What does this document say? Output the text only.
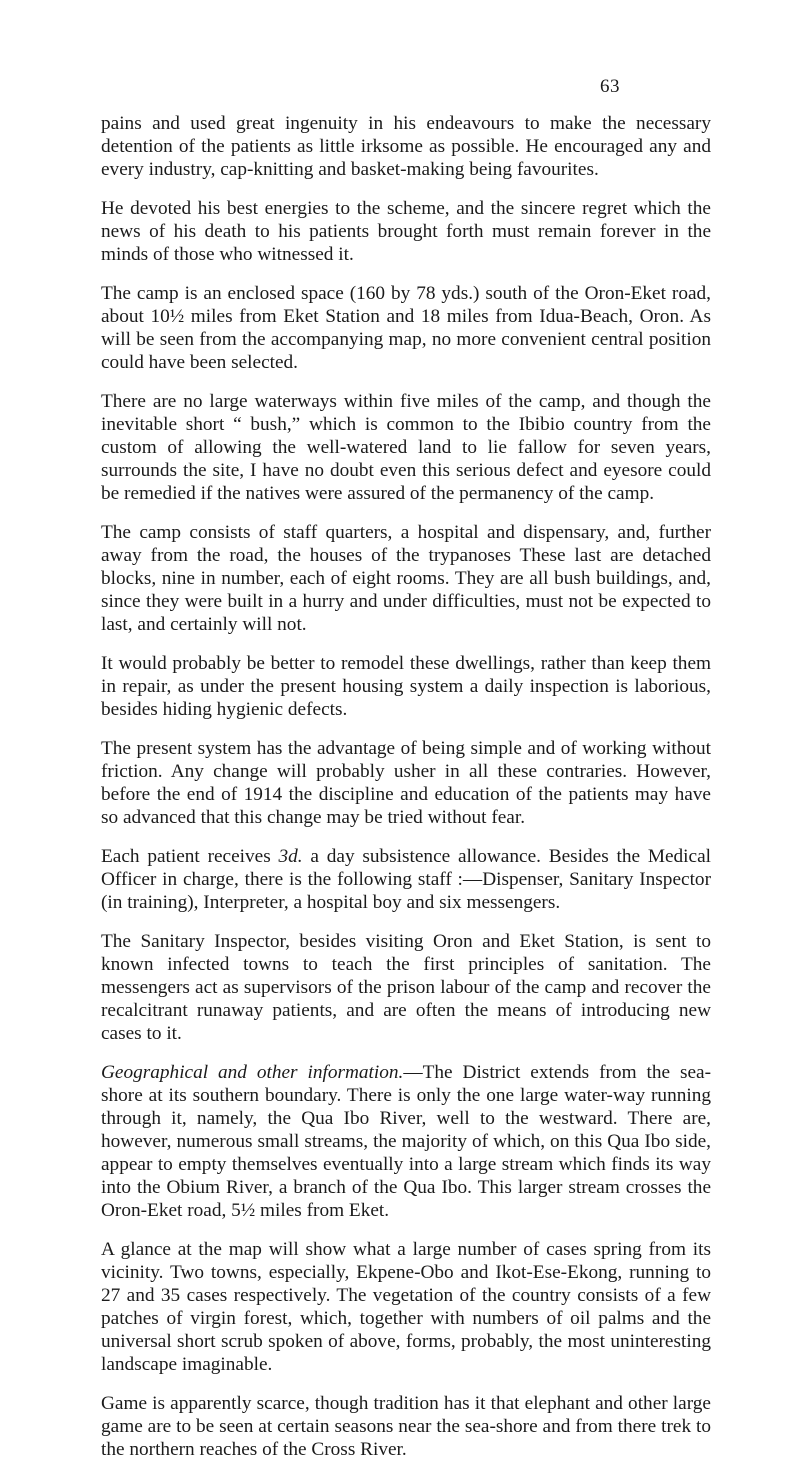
63

pains and used great ingenuity in his endeavours to make the necessary detention of the patients as little irksome as possible. He encouraged any and every industry, cap-knitting and basket-making being favourites.

He devoted his best energies to the scheme, and the sincere regret which the news of his death to his patients brought forth must remain forever in the minds of those who witnessed it.

The camp is an enclosed space (160 by 78 yds.) south of the Oron-Eket road, about 10½ miles from Eket Station and 18 miles from Idua-Beach, Oron. As will be seen from the accompanying map, no more convenient central position could have been selected.

There are no large waterways within five miles of the camp, and though the inevitable short “ bush,” which is common to the Ibibio country from the custom of allowing the well-watered land to lie fallow for seven years, surrounds the site, I have no doubt even this serious defect and eyesore could be remedied if the natives were assured of the permanency of the camp.

The camp consists of staff quarters, a hospital and dispensary, and, further away from the road, the houses of the trypanoses These last are detached blocks, nine in number, each of eight rooms. They are all bush buildings, and, since they were built in a hurry and under difficulties, must not be expected to last, and certainly will not.

It would probably be better to remodel these dwellings, rather than keep them in repair, as under the present housing system a daily inspection is laborious, besides hiding hygienic defects.

The present system has the advantage of being simple and of working without friction. Any change will probably usher in all these contraries. However, before the end of 1914 the discipline and education of the patients may have so advanced that this change may be tried without fear.

Each patient receives 3d. a day subsistence allowance. Besides the Medical Officer in charge, there is the following staff :—Dispenser, Sanitary Inspector (in training), Interpreter, a hospital boy and six messengers.

The Sanitary Inspector, besides visiting Oron and Eket Station, is sent to known infected towns to teach the first principles of sanitation. The messengers act as supervisors of the prison labour of the camp and recover the recalcitrant runaway patients, and are often the means of introducing new cases to it.

Geographical and other information.—The District extends from the sea-shore at its southern boundary. There is only the one large water-way running through it, namely, the Qua Ibo River, well to the westward. There are, however, numerous small streams, the majority of which, on this Qua Ibo side, appear to empty themselves eventually into a large stream which finds its way into the Obium River, a branch of the Qua Ibo. This larger stream crosses the Oron-Eket road, 5½ miles from Eket.

A glance at the map will show what a large number of cases spring from its vicinity. Two towns, especially, Ekpene-Obo and Ikot-Ese-Ekong, running to 27 and 35 cases respectively. The vegetation of the country consists of a few patches of virgin forest, which, together with numbers of oil palms and the universal short scrub spoken of above, forms, probably, the most uninteresting landscape imaginable.

Game is apparently scarce, though tradition has it that elephant and other large game are to be seen at certain seasons near the sea-shore and from there trek to the northern reaches of the Cross River.
